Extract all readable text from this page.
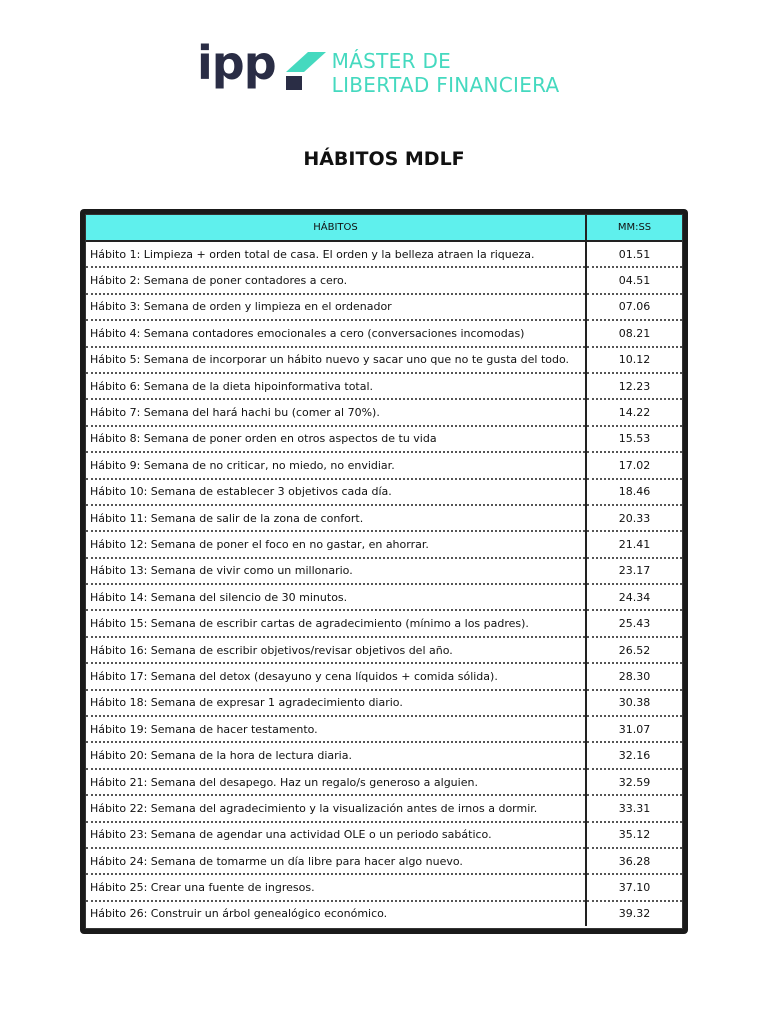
ipp	MÁSTER DE
LIBERTAD FINANCIERA
HÁBITOS MDLF
HÁBITOS	MM:SS
Hábito 1: Limpieza + orden total de casa. El orden y la belleza atraen la riqueza.	01.51
Hábito 2: Semana de poner contadores a cero.	04.51
Hábito 3: Semana de orden y limpieza en el ordenador	07.06
Hábito 4: Semana contadores emocionales a cero (conversaciones incomodas)	08.21
Hábito 5: Semana de incorporar un hábito nuevo y sacar uno que no te gusta del todo.	10.12
Hábito 6: Semana de la dieta hipoinformativa total.	12.23
Hábito 7: Semana del hará hachi bu (comer al 70%).	14.22
Hábito 8: Semana de poner orden en otros aspectos de tu vida	15.53
Hábito 9: Semana de no criticar, no miedo, no envidiar.	17.02
Hábito 10: Semana de establecer 3 objetivos cada día.	18.46
Hábito 11: Semana de salir de la zona de confort.	20.33
Hábito 12: Semana de poner el foco en no gastar, en ahorrar.	21.41
Hábito 13: Semana de vivir como un millonario.	23.17
Hábito 14: Semana del silencio de 30 minutos.	24.34
Hábito 15: Semana de escribir cartas de agradecimiento (mínimo a los padres).	25.43
Hábito 16: Semana de escribir objetivos/revisar objetivos del año.	26.52
Hábito 17: Semana del detox (desayuno y cena líquidos + comida sólida).	28.30
Hábito 18: Semana de expresar 1 agradecimiento diario.	30.38
Hábito 19: Semana de hacer testamento.	31.07
Hábito 20: Semana de la hora de lectura diaria.	32.16
Hábito 21: Semana del desapego. Haz un regalo/s generoso a alguien.	32.59
Hábito 22: Semana del agradecimiento y la visualización antes de irnos a dormir.	33.31
Hábito 23: Semana de agendar una actividad OLE o un periodo sabático.	35.12
Hábito 24: Semana de tomarme un día libre para hacer algo nuevo.	36.28
Hábito 25: Crear una fuente de ingresos.	37.10
Hábito 26: Construir un árbol genealógico económico.	39.32
